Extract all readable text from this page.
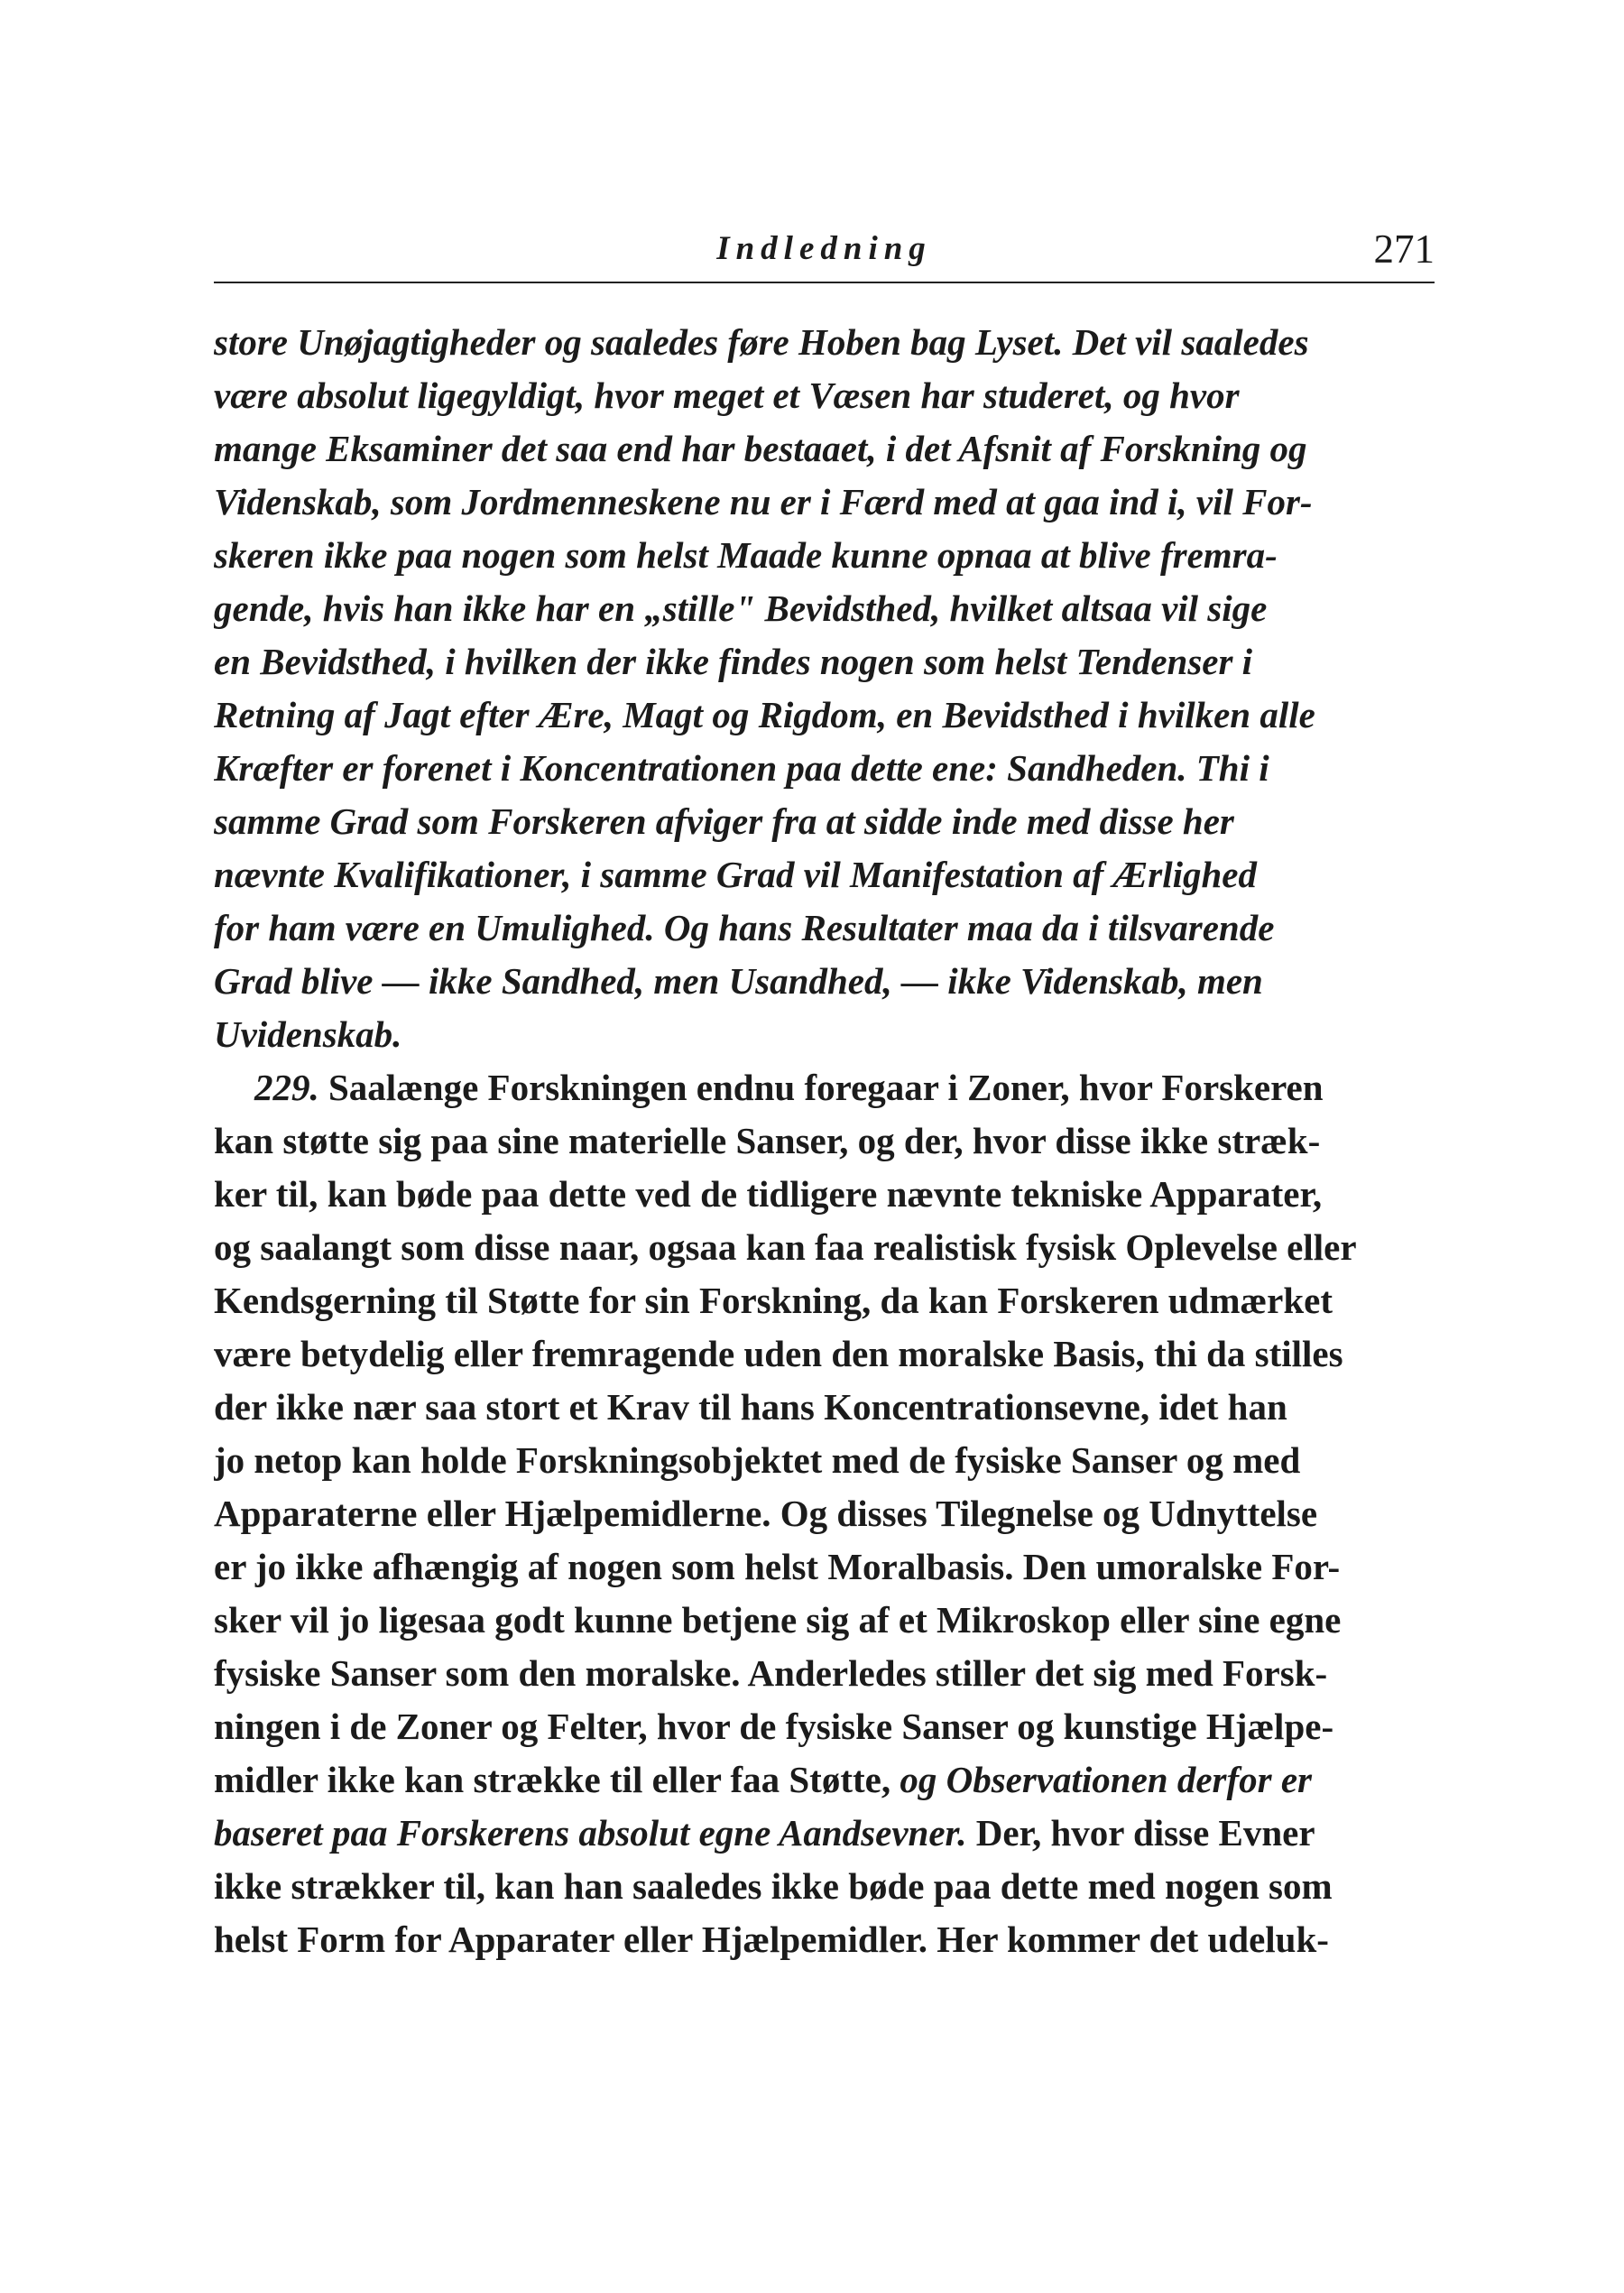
Indledning	271
store Unøjagtigheder og saaledes føre Hoben bag Lyset. Det vil saaledes
være absolut ligegyldigt, hvor meget et Væsen har studeret, og hvor
mange Eksaminer det saa end har bestaaet, i det Afsnit af Forskning og
Videnskab, som Jordmenneskene nu er i Færd med at gaa ind i, vil For-
skeren ikke paa nogen som helst Maade kunne opnaa at blive fremra-
gende, hvis han ikke har en „stille" Bevidsthed, hvilket altsaa vil sige
en Bevidsthed, i hvilken der ikke findes nogen som helst Tendenser i
Retning af Jagt efter Ære, Magt og Rigdom, en Bevidsthed i hvilken alle
Kræfter er forenet i Koncentrationen paa dette ene: Sandheden. Thi i
samme Grad som Forskeren afviger fra at sidde inde med disse her
nævnte Kvalifikationer, i samme Grad vil Manifestation af Ærlighed
for ham være en Umulighed. Og hans Resultater maa da i tilsvarende
Grad blive — ikke Sandhed, men Usandhed, — ikke Videnskab, men
Uvidenskab.
229. Saalænge Forskningen endnu foregaar i Zoner, hvor Forskeren
kan støtte sig paa sine materielle Sanser, og der, hvor disse ikke stræk-
ker til, kan bøde paa dette ved de tidligere nævnte tekniske Apparater,
og saalangt som disse naar, ogsaa kan faa realistisk fysisk Oplevelse eller
Kendsgerning til Støtte for sin Forskning, da kan Forskeren udmærket
være betydelig eller fremragende uden den moralske Basis, thi da stilles
der ikke nær saa stort et Krav til hans Koncentrationsevne, idet han
jo netop kan holde Forskningsobjektet med de fysiske Sanser og med
Apparaterne eller Hjælpemidlerne. Og disses Tilegnelse og Udnyttelse
er jo ikke afhængig af nogen som helst Moralbasis. Den umoralske For-
sker vil jo ligesaa godt kunne betjene sig af et Mikroskop eller sine egne
fysiske Sanser som den moralske. Anderledes stiller det sig med Forsk-
ningen i de Zoner og Felter, hvor de fysiske Sanser og kunstige Hjælpe-
midler ikke kan strække til eller faa Støtte, og Observationen derfor er
baseret paa Forskerens absolut egne Aandsevner. Der, hvor disse Evner
ikke strækker til, kan han saaledes ikke bøde paa dette med nogen som
helst Form for Apparater eller Hjælpemidler. Her kommer det udeluk-
